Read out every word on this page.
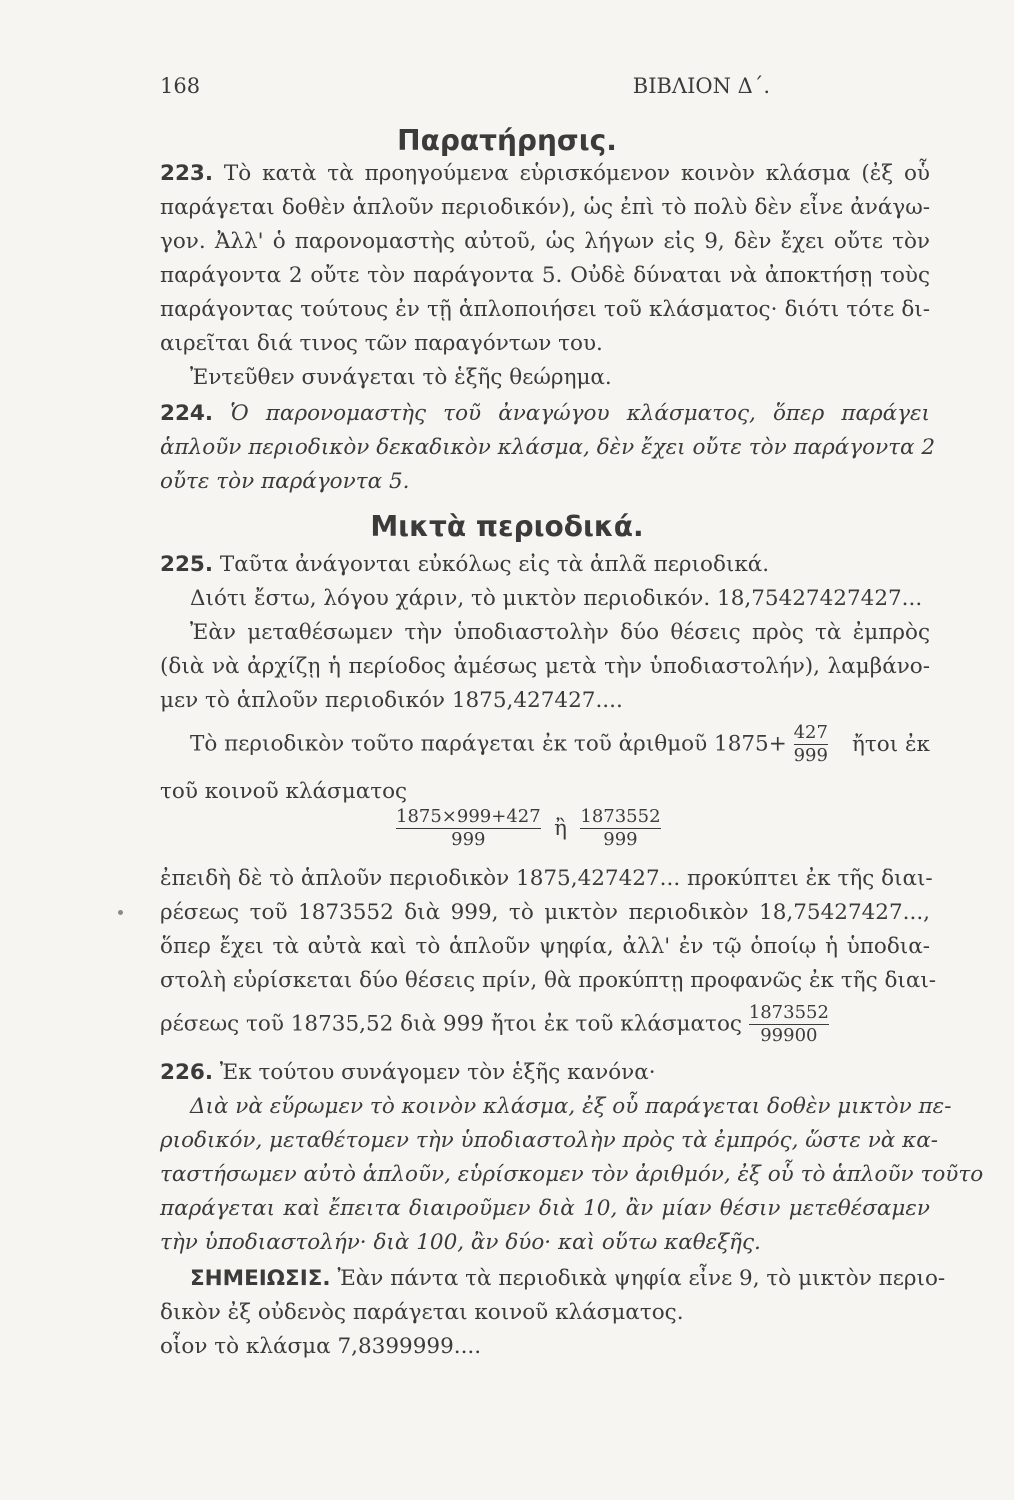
168	ΒΙΒΛΙΟΝ Δ΄.
Παρατήρησις.
223. Τὸ κατὰ τὰ προηγούμενα εὑρισκόμενον κοινὸν κλάσμα (ἐξ οὗ
παράγεται δοθὲν ἁπλοῦν περιοδικόν), ὡς ἐπὶ τὸ πολὺ δὲν εἶνε ἀνάγω-
γον. Ἀλλ' ὁ παρονομαστὴς αὐτοῦ, ὡς λήγων εἰς 9, δὲν ἔχει οὔτε τὸν
παράγοντα 2 οὔτε τὸν παράγοντα 5. Οὐδὲ δύναται νὰ ἀποκτήσῃ τοὺς
παράγοντας τούτους ἐν τῇ ἁπλοποιήσει τοῦ κλάσματος· διότι τότε δι-
αιρεῖται διά τινος τῶν παραγόντων του.
Ἐντεῦθεν συνάγεται τὸ ἑξῆς θεώρημα.
224. Ὁ παρονομαστὴς τοῦ ἀναγώγου κλάσματος, ὅπερ παράγει
ἁπλοῦν περιοδικὸν δεκαδικὸν κλάσμα, δὲν ἔχει οὔτε τὸν παράγοντα 2
οὔτε τὸν παράγοντα 5.
Μικτὰ περιοδικά.
225. Ταῦτα ἀνάγονται εὐκόλως εἰς τὰ ἁπλᾶ περιοδικά.
Διότι ἔστω, λόγου χάριν, τὸ μικτὸν περιοδικόν. 18,75427427427...
Ἐὰν μεταθέσωμεν τὴν ὑποδιαστολὴν δύο θέσεις πρὸς τὰ ἐμπρὸς
(διὰ νὰ ἀρχίζῃ ἡ περίοδος ἀμέσως μετὰ τὴν ὑποδιαστολήν), λαμβάνο-
μεν τὸ ἁπλοῦν περιοδικόν 1875,427427....
Τὸ περιοδικὸν τοῦτο παράγεται ἐκ τοῦ ἀριθμοῦ $1875+ \frac{427}{999}$ ἤτοι ἐκ
τοῦ κοινοῦ κλάσματος
$\frac{1875\times 999+427}{999}$ ἢ $\frac{1873552}{999}$
ἐπειδὴ δὲ τὸ ἁπλοῦν περιοδικὸν 1875,427427... προκύπτει ἐκ τῆς διαι-
ρέσεως τοῦ 1873552 διὰ 999, τὸ μικτὸν περιοδικὸν 18,75427427...,
ὅπερ ἔχει τὰ αὐτὰ καὶ τὸ ἁπλοῦν ψηφία, ἀλλ' ἐν τῷ ὁποίῳ ἡ ὑποδια-
στολὴ εὑρίσκεται δύο θέσεις πρίν, θὰ προκύπτῃ προφανῶς ἐκ τῆς διαι-
ρέσεως τοῦ 18735,52 διὰ 999 ἤτοι ἐκ τοῦ κλάσματος $\frac{1873552}{99900}$
226. Ἐκ τούτου συνάγομεν τὸν ἑξῆς κανόνα·
Διὰ νὰ εὕρωμεν τὸ κοινὸν κλάσμα, ἐξ οὗ παράγεται δοθὲν μικτὸν πε-
ριοδικόν, μεταθέτομεν τὴν ὑποδιαστολὴν πρὸς τὰ ἐμπρός, ὥστε νὰ κα-
ταστήσωμεν αὐτὸ ἁπλοῦν, εὑρίσκομεν τὸν ἀριθμόν, ἐξ οὗ τὸ ἁπλοῦν τοῦτο
παράγεται καὶ ἔπειτα διαιροῦμεν διὰ 10, ἂν μίαν θέσιν μετεθέσαμεν
τὴν ὑποδιαστολήν· διὰ 100, ἂν δύο· καὶ οὕτω καθεξῆς.
ΣΗΜΕΙΩΣΙΣ. Ἐὰν πάντα τὰ περιοδικὰ ψηφία εἶνε 9, τὸ μικτὸν περιο-
δικὸν ἐξ οὐδενὸς παράγεται κοινοῦ κλάσματος.
οἷον τὸ κλάσμα 7,8399999....
